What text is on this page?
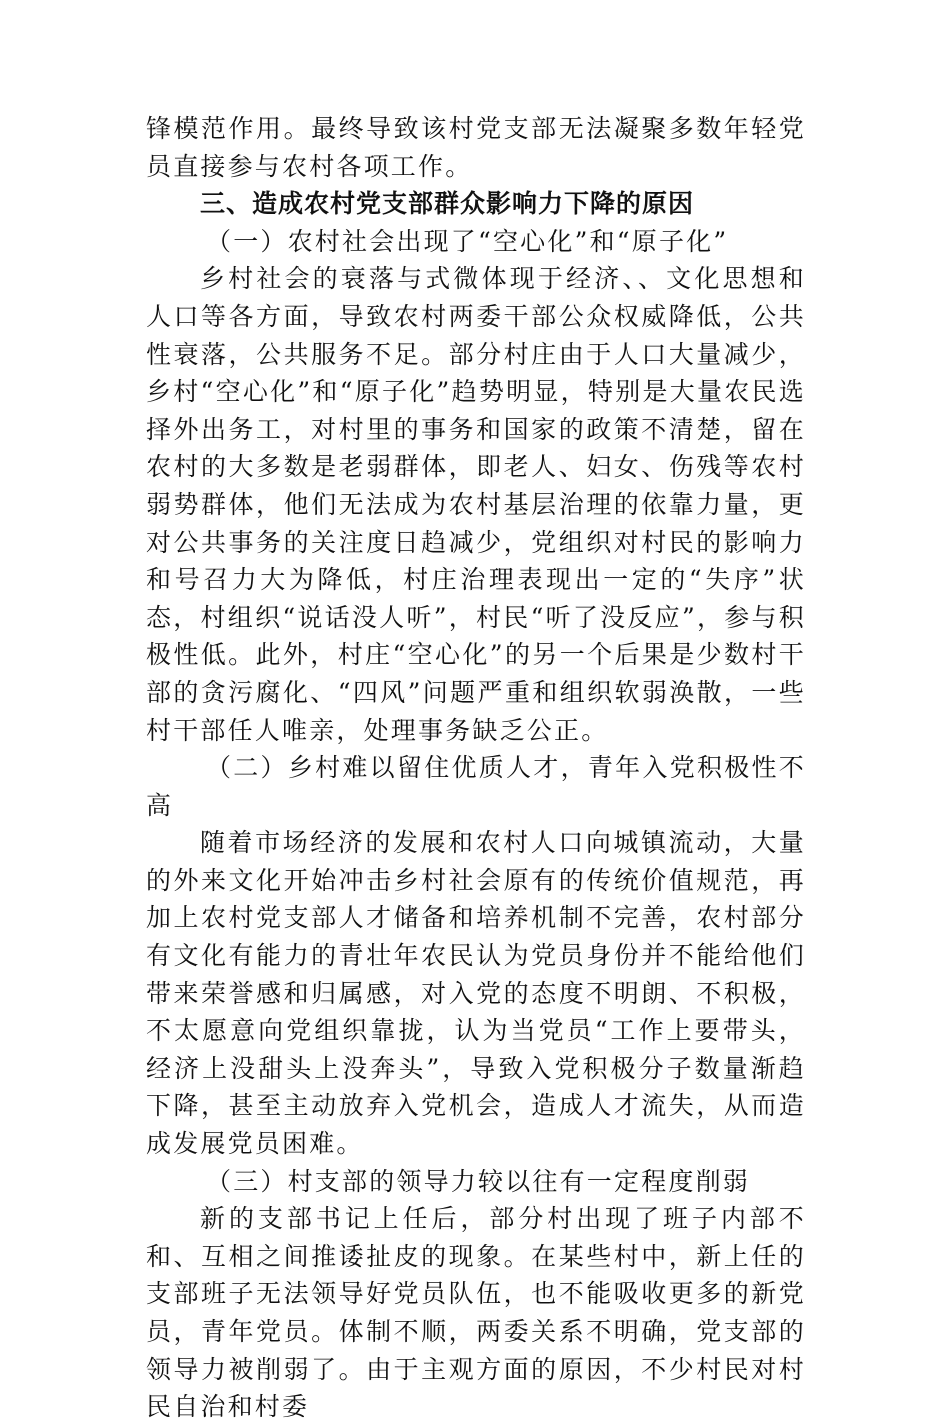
锋模范作用。最终导致该村党支部无法凝聚多数年轻党员直接参与农村各项工作。

三、造成农村党支部群众影响力下降的原因

（一）农村社会出现了“空心化”和“原子化”

乡村社会的衰落与式微体现于经济、、文化思想和人口等各方面，导致农村两委干部公众权威降低，公共性衰落，公共服务不足。部分村庄由于人口大量减少，乡村“空心化”和“原子化”趋势明显，特别是大量农民选择外出务工，对村里的事务和国家的政策不清楚，留在农村的大多数是老弱群体，即老人、妇女、伤残等农村弱势群体，他们无法成为农村基层治理的依靠力量，更对公共事务的关注度日趋减少，党组织对村民的影响力和号召力大为降低，村庄治理表现出一定的“失序”状态，村组织“说话没人听”，村民“听了没反应”，参与积极性低。此外，村庄“空心化”的另一个后果是少数村干部的贪污腐化、“四风”问题严重和组织软弱涣散，一些村干部任人唯亲，处理事务缺乏公正。

（二）乡村难以留住优质人才，青年入党积极性不高

随着市场经济的发展和农村人口向城镇流动，大量的外来文化开始冲击乡村社会原有的传统价值规范，再加上农村党支部人才储备和培养机制不完善，农村部分有文化有能力的青壮年农民认为党员身份并不能给他们带来荣誉感和归属感，对入党的态度不明朗、不积极，不太愿意向党组织靠拢，认为当党员“工作上要带头，经济上没甜头上没奔头”，导致入党积极分子数量渐趋下降，甚至主动放弃入党机会，造成人才流失，从而造成发展党员困难。

（三）村支部的领导力较以往有一定程度削弱

新的支部书记上任后，部分村出现了班子内部不和、互相之间推诿扯皮的现象。在某些村中，新上任的支部班子无法领导好党员队伍，也不能吸收更多的新党员，青年党员。体制不顺，两委关系不明确，党支部的领导力被削弱了。由于主观方面的原因，不少村民对村民自治和村委
